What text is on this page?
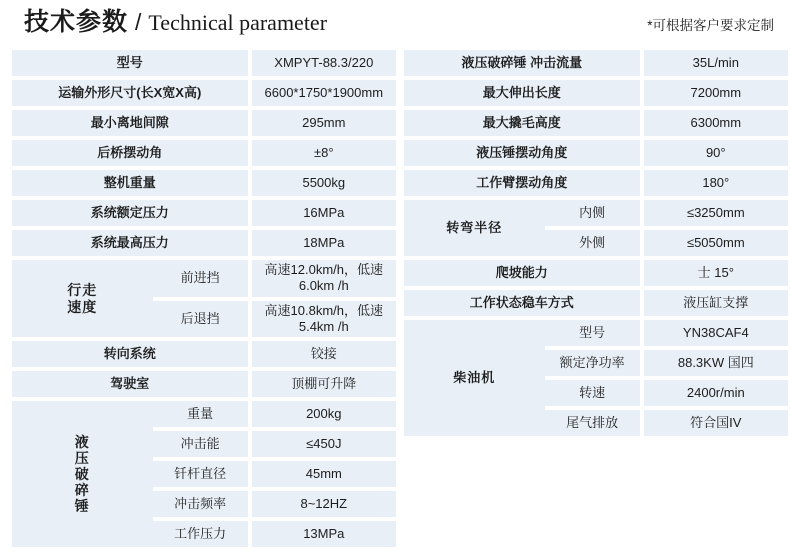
技术参数 / Technical parameter	*可根据客户要求定制
型号			XMPYT-88.3/220
运输外形尺寸(长X宽X高)			6600*1750*1900mm
最小离地间隙			295mm
后桥摆动角			±8°
整机重量			5500kg
系统额定压力			16MPa
系统最高压力			18MPa
行走
速度	前进挡		高速12.0km/h，低速 6.0km /h
	后退挡		高速10.8km/h，低速 5.4km /h
转向系统			铰接
驾驶室			顶棚可升降
液
压
破
碎
锤	重量		200kg
	冲击能		≤450J
	钎杆直径		45mm
	冲击频率		8~12HZ
	工作压力		13MPa
液压破碎锤 冲击流量			35L/min
最大伸出长度			7200mm
最大撬毛高度			6300mm
液压锤摆动角度			90°
工作臂摆动角度			180°
转弯半径	内侧		≤3250mm
	外侧		≤5050mm
爬坡能力			士 15°
工作状态稳车方式			液压缸支撑
柴油机	型号		YN38CAF4
	额定净功率		88.3KW 国四
	转速		2400r/min
	尾气排放		符合国IV
